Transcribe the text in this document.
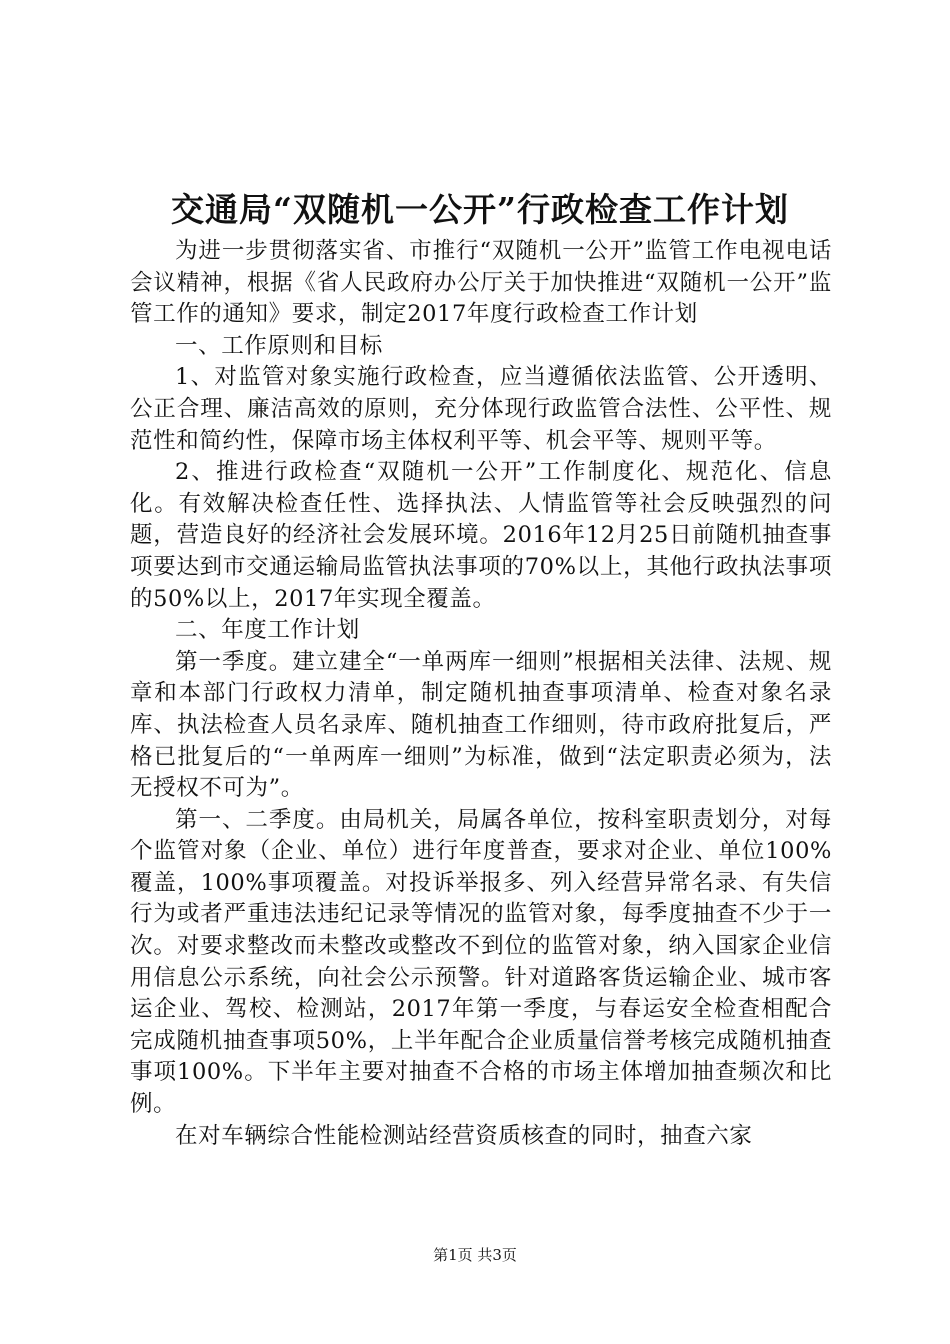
交通局“双随机一公开”行政检查工作计划

为进一步贯彻落实省、市推行“双随机一公开”监管工作电视电话会议精神，根据《省人民政府办公厅关于加快推进“双随机一公开”监管工作的通知》要求，制定2017年度行政检查工作计划

一、工作原则和目标

1、对监管对象实施行政检查，应当遵循依法监管、公开透明、公正合理、廉洁高效的原则，充分体现行政监管合法性、公平性、规范性和简约性，保障市场主体权利平等、机会平等、规则平等。

2、推进行政检查“双随机一公开”工作制度化、规范化、信息化。有效解决检查任性、选择执法、人情监管等社会反映强烈的问题，营造良好的经济社会发展环境。2016年12月25日前随机抽查事项要达到市交通运输局监管执法事项的70%以上，其他行政执法事项的50%以上，2017年实现全覆盖。

二、年度工作计划

第一季度。建立建全“一单两库一细则”根据相关法律、法规、规章和本部门行政权力清单，制定随机抽查事项清单、检查对象名录库、执法检查人员名录库、随机抽查工作细则，待市政府批复后，严格已批复后的“一单两库一细则”为标准，做到“法定职责必须为，法无授权不可为”。

第一、二季度。由局机关，局属各单位，按科室职责划分，对每个监管对象（企业、单位）进行年度普查，要求对企业、单位100%覆盖，100%事项覆盖。对投诉举报多、列入经营异常名录、有失信行为或者严重违法违纪记录等情况的监管对象，每季度抽查不少于一次。对要求整改而未整改或整改不到位的监管对象，纳入国家企业信用信息公示系统，向社会公示预警。针对道路客货运输企业、城市客运企业、驾校、检测站，2017年第一季度，与春运安全检查相配合完成随机抽查事项50%，上半年配合企业质量信誉考核完成随机抽查事项100%。下半年主要对抽查不合格的市场主体增加抽查频次和比例。

在对车辆综合性能检测站经营资质核查的同时，抽查六家

第1页 共3页
